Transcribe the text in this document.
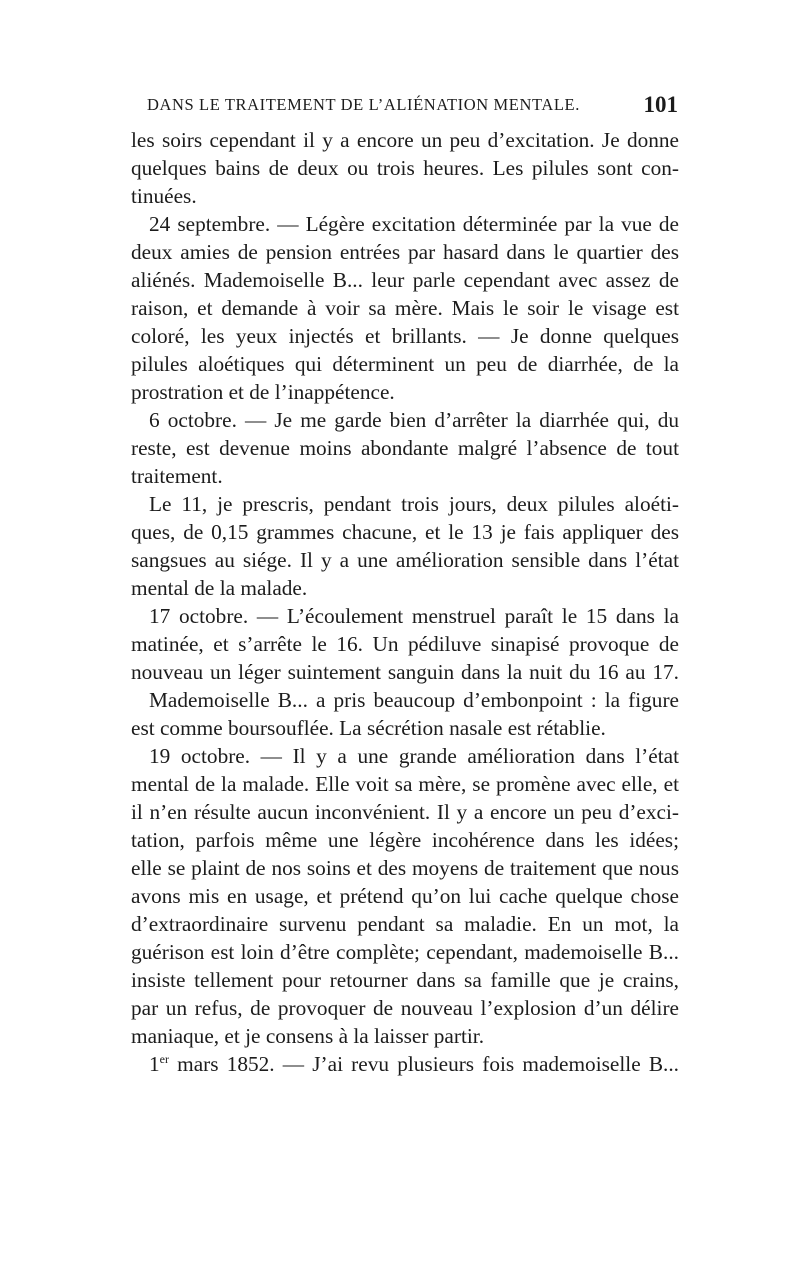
DANS LE TRAITEMENT DE L’ALIÉNATION MENTALE.	101
les soirs cependant il y a encore un peu d’excitation. Je donne
quelques bains de deux ou trois heures. Les pilules sont con-
tinuées.
24 septembre. — Légère excitation déterminée par la vue de
deux amies de pension entrées par hasard dans le quartier des
aliénés. Mademoiselle B... leur parle cependant avec assez de
raison, et demande à voir sa mère. Mais le soir le visage est
coloré, les yeux injectés et brillants. — Je donne quelques
pilules aloétiques qui déterminent un peu de diarrhée, de la
prostration et de l’inappétence.
6 octobre. — Je me garde bien d’arrêter la diarrhée qui, du
reste, est devenue moins abondante malgré l’absence de tout
traitement.
Le 11, je prescris, pendant trois jours, deux pilules aloéti-
ques, de 0,15 grammes chacune, et le 13 je fais appliquer des
sangsues au siége. Il y a une amélioration sensible dans l’état
mental de la malade.
17 octobre. — L’écoulement menstruel paraît le 15 dans la
matinée, et s’arrête le 16. Un pédiluve sinapisé provoque de
nouveau un léger suintement sanguin dans la nuit du 16 au 17.
Mademoiselle B... a pris beaucoup d’embonpoint : la figure
est comme boursouflée. La sécrétion nasale est rétablie.
19 octobre. — Il y a une grande amélioration dans l’état
mental de la malade. Elle voit sa mère, se promène avec elle, et
il n’en résulte aucun inconvénient. Il y a encore un peu d’exci-
tation, parfois même une légère incohérence dans les idées;
elle se plaint de nos soins et des moyens de traitement que nous
avons mis en usage, et prétend qu’on lui cache quelque chose
d’extraordinaire survenu pendant sa maladie. En un mot, la
guérison est loin d’être complète; cependant, mademoiselle B...
insiste tellement pour retourner dans sa famille que je crains,
par un refus, de provoquer de nouveau l’explosion d’un délire
maniaque, et je consens à la laisser partir.
1er mars 1852. — J’ai revu plusieurs fois mademoiselle B...
